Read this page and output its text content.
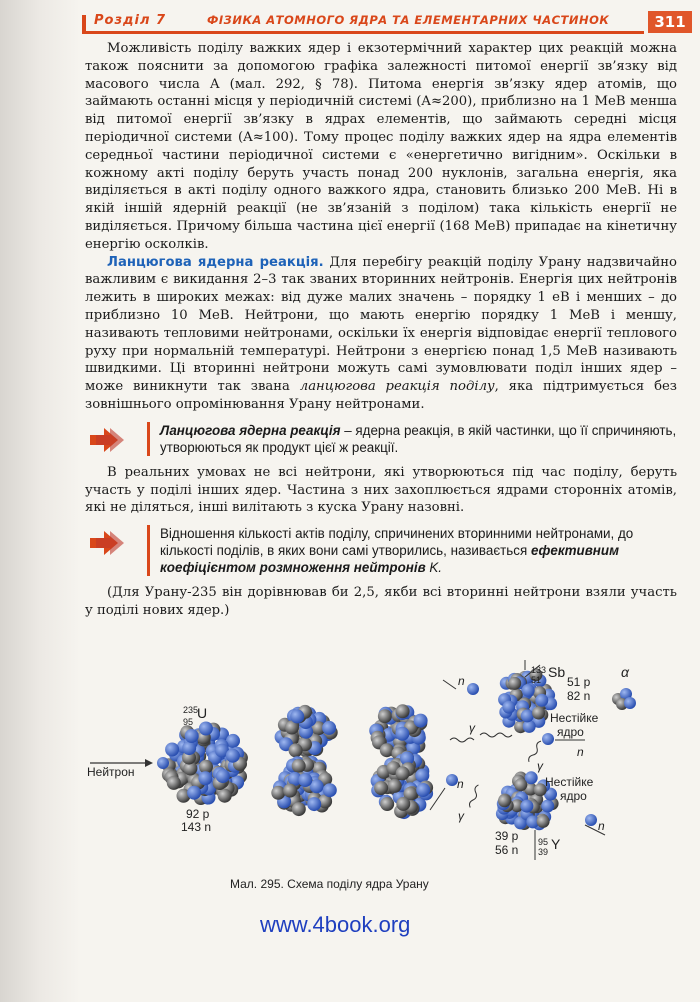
Розділ 7	ФІЗИКА АТОМНОГО ЯДРА ТА ЕЛЕМЕНТАРНИХ ЧАСТИНОК	311

Можливість поділу важких ядер і екзотермічний характер цих реакцій можна також пояснити за допомогою графіка залежності питомої енергії зв’язку від масового числа A (мал. 292, § 78). Питома енергія зв’язку ядер атомів, що займають останні місця у періодичній системі (A≈200), приблизно на 1 МеВ менша від питомої енергії зв’язку в ядрах елементів, що займають середні місця періодичної системи (A≈100). Тому процес поділу важких ядер на ядра елементів середньої частини періодичної системи є «енергетично вигідним». Оскільки в кожному акті поділу беруть участь понад 200 нуклонів, загальна енергія, яка виділяється в акті поділу одного важкого ядра, становить близько 200 МеВ. Ні в якій іншій ядерній реакції (не зв’язаній з поділом) така кількість енергії не виділяється. Причому більша частина цієї енергії (168 МеВ) припадає на кінетичну енергію осколків.

Ланцюгова ядерна реакція. Для перебігу реакцій поділу Урану надзвичайно важливим є викидання 2–3 так званих вторинних нейтронів. Енергія цих нейтронів лежить в широких межах: від дуже малих значень – порядку 1 еВ і менших – до приблизно 10 МеВ. Нейтрони, що мають енергію порядку 1 МеВ і меншу, називають тепловими нейтронами, оскільки їх енергія відповідає енергії теплового руху при нормальній температурі. Нейтрони з енергією понад 1,5 МеВ називають швидкими. Ці вторинні нейтрони можуть самі зумовлювати поділ інших ядер – може виникнути так звана ланцюгова реакція поділу, яка підтримується без зовнішнього опромінювання Урану нейтронами.

Ланцюгова ядерна реакція – ядерна реакція, в якій частинки, що її спричиняють, утворюються як продукт цієї ж реакції.

В реальних умовах не всі нейтрони, які утворюються під час поділу, беруть участь у поділі інших ядер. Частина з них захоплюється ядрами сторонніх атомів, які не діляться, інші вилітають з куска Урану назовні.

Відношення кількості актів поділу, спричинених вторинними нейтронами, до кількості поділів, в яких вони самі утворились, називається ефективним коефіцієнтом розмноження нейтронів K.

(Для Урану-235 він дорівнював би 2,5, якби всі вторинні нейтрони взяли участь у поділі нових ядер.)

Нейтрон
235
95
U
92 p
143 n
133
51 Sb
51 p
82 n
Нестійке
ядро
Нестійке
ядро
95
39 Y
39 p
56 n
n
n
n
n
γ
γ
γ
α
Мал. 295. Схема поділу ядра Урану
www.4book.org
